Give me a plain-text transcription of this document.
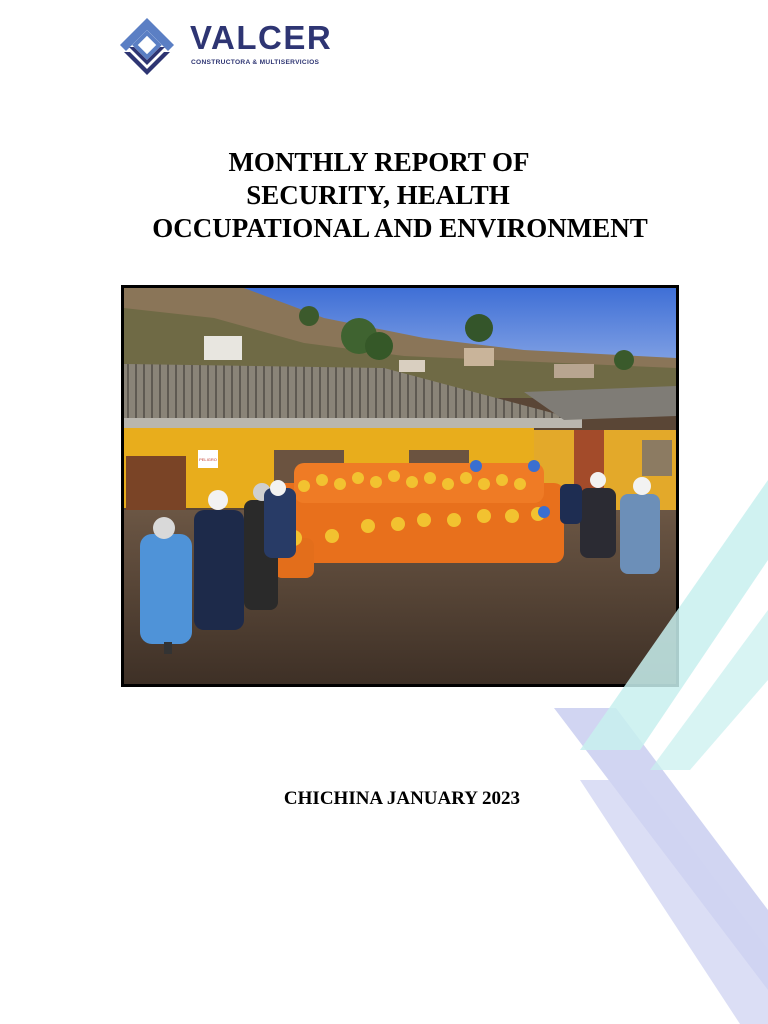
VALCER
CONSTRUCTORA & MULTISERVICIOS
MONTHLY REPORT OF
SECURITY, HEALTH
OCCUPATIONAL AND ENVIRONMENT
PELIGRO

CHICHINA JANUARY 2023
